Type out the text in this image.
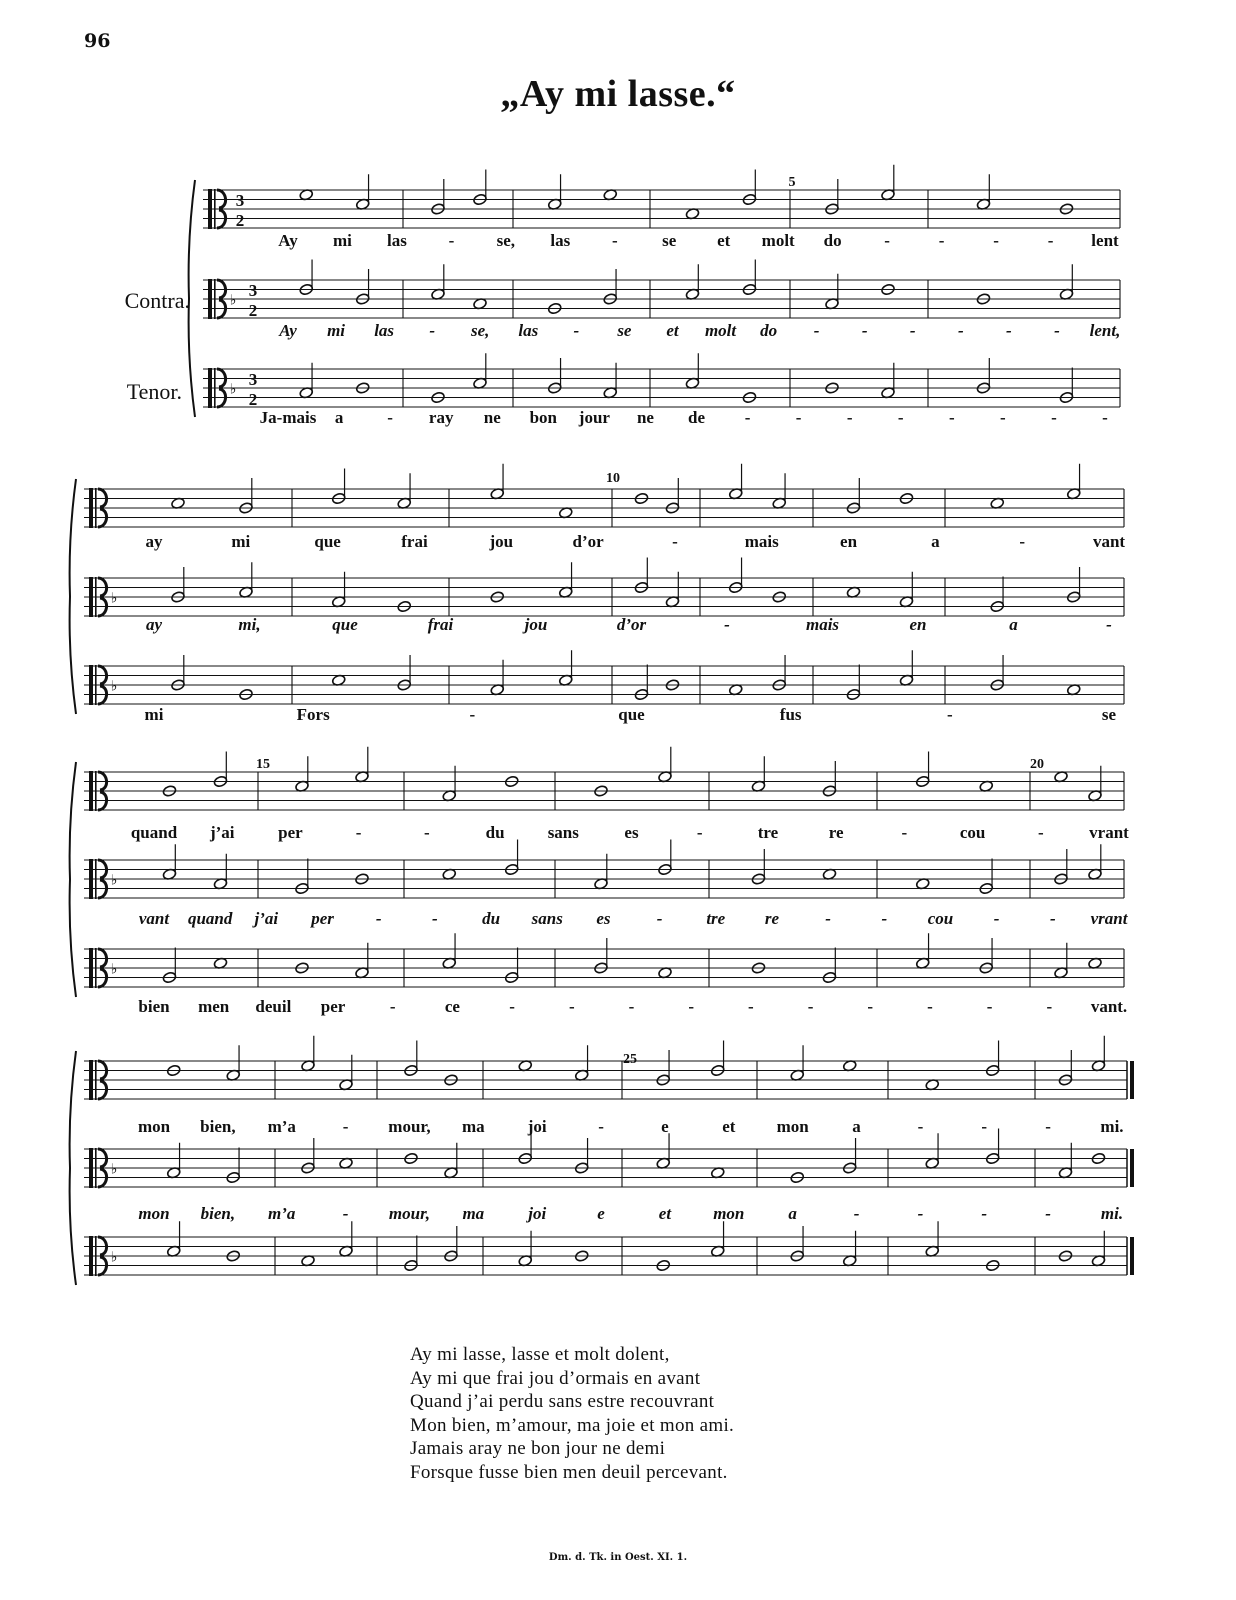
96
„Ay mi lasse.“
3
2
♭
3
2
♭
3
2
♭
♭
♭
♭
♭
♭
Ay mi las - se, las -	se et molt do	-	-	-	- lent
Ay mi las - se, las - se et molt do - - - - - - lent,
Ja-mais a	- ray ne bon jour ne de -	-	-	-	-	-	-	-
ay	mi	que	frai	jou	d’or	-	mais	en	a	-	vant
ay	mi,	que	frai	jou	d’or	-	mais	en	a	-
mi	Fors	-	que	fus	-	se
quand j’ai	per	-	-	du	sans	es	-	tre	re	-	cou	-	vrant
vant quand j’ai per -	-	du sans es	-	tre re	-	- cou -	- vrant
bien men deuil per	-	ce	-	-	-	-	-	-	-	-	-	- vant.
mon bien, m’a	- mour, ma	joi	-	e	et mon	a	-	-	-	mi.
mon bien, m’a	- mour, ma	joi	e	et mon	a	-	-	-	-	mi.
Contra.
Tenor.
5
10
15	20
25
Ay mi lasse, lasse et molt dolent,
Ay mi que frai jou d’ormais en avant
Quand j’ai perdu sans estre recouvrant
Mon bien, m’amour, ma joie et mon ami.
Jamais aray ne bon jour ne demi
Forsque fusse bien men deuil percevant.
Dm. d. Tk. in Oest. XI. 1.
